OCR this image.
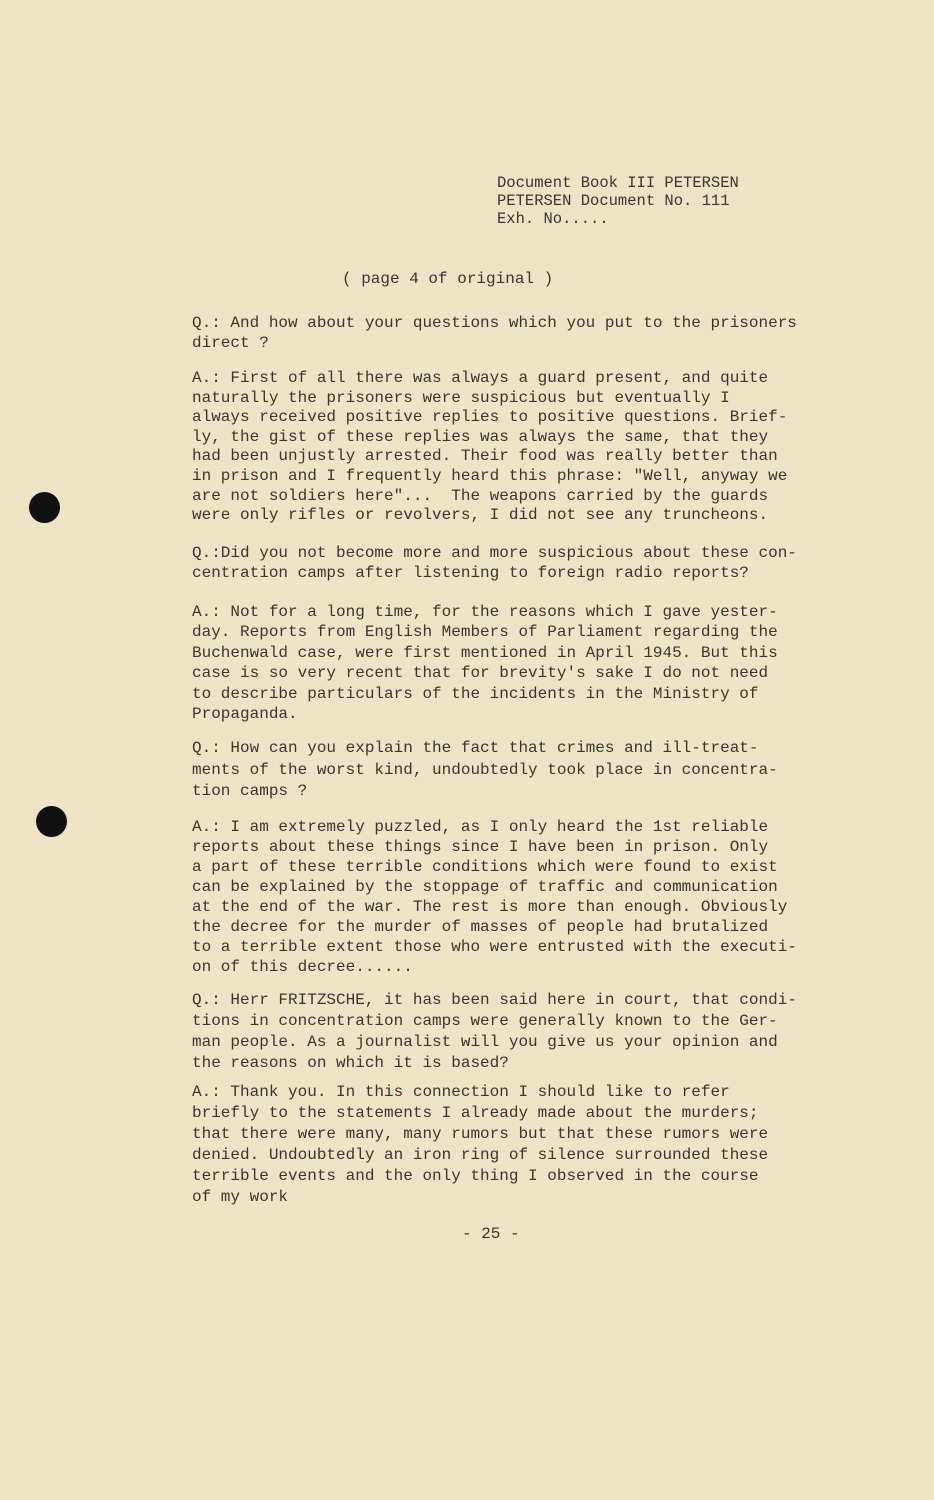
Document Book III PETERSEN
PETERSEN Document No. 111
Exh. No.....
( page 4 of original )
Q.: And how about your questions which you put to the prisoners
direct ?
A.: First of all there was always a guard present, and quite
naturally the prisoners were suspicious but eventually I
always received positive replies to positive questions. Brief-
ly, the gist of these replies was always the same, that they
had been unjustly arrested. Their food was really better than
in prison and I frequently heard this phrase: "Well, anyway we
are not soldiers here"...  The weapons carried by the guards
were only rifles or revolvers, I did not see any truncheons.
Q.:Did you not become more and more suspicious about these con-
centration camps after listening to foreign radio reports?
A.: Not for a long time, for the reasons which I gave yester-
day. Reports from English Members of Parliament regarding the
Buchenwald case, were first mentioned in April 1945. But this
case is so very recent that for brevity's sake I do not need
to describe particulars of the incidents in the Ministry of
Propaganda.
Q.: How can you explain the fact that crimes and ill-treat-
ments of the worst kind, undoubtedly took place in concentra-
tion camps ?
A.: I am extremely puzzled, as I only heard the 1st reliable
reports about these things since I have been in prison. Only
a part of these terrible conditions which were found to exist
can be explained by the stoppage of traffic and communication
at the end of the war. The rest is more than enough. Obviously
the decree for the murder of masses of people had brutalized
to a terrible extent those who were entrusted with the executi-
on of this decree......
Q.: Herr FRITZSCHE, it has been said here in court, that condi-
tions in concentration camps were generally known to the Ger-
man people. As a journalist will you give us your opinion and
the reasons on which it is based?
A.: Thank you. In this connection I should like to refer
briefly to the statements I already made about the murders;
that there were many, many rumors but that these rumors were
denied. Undoubtedly an iron ring of silence surrounded these
terrible events and the only thing I observed in the course
of my work
- 25 -
